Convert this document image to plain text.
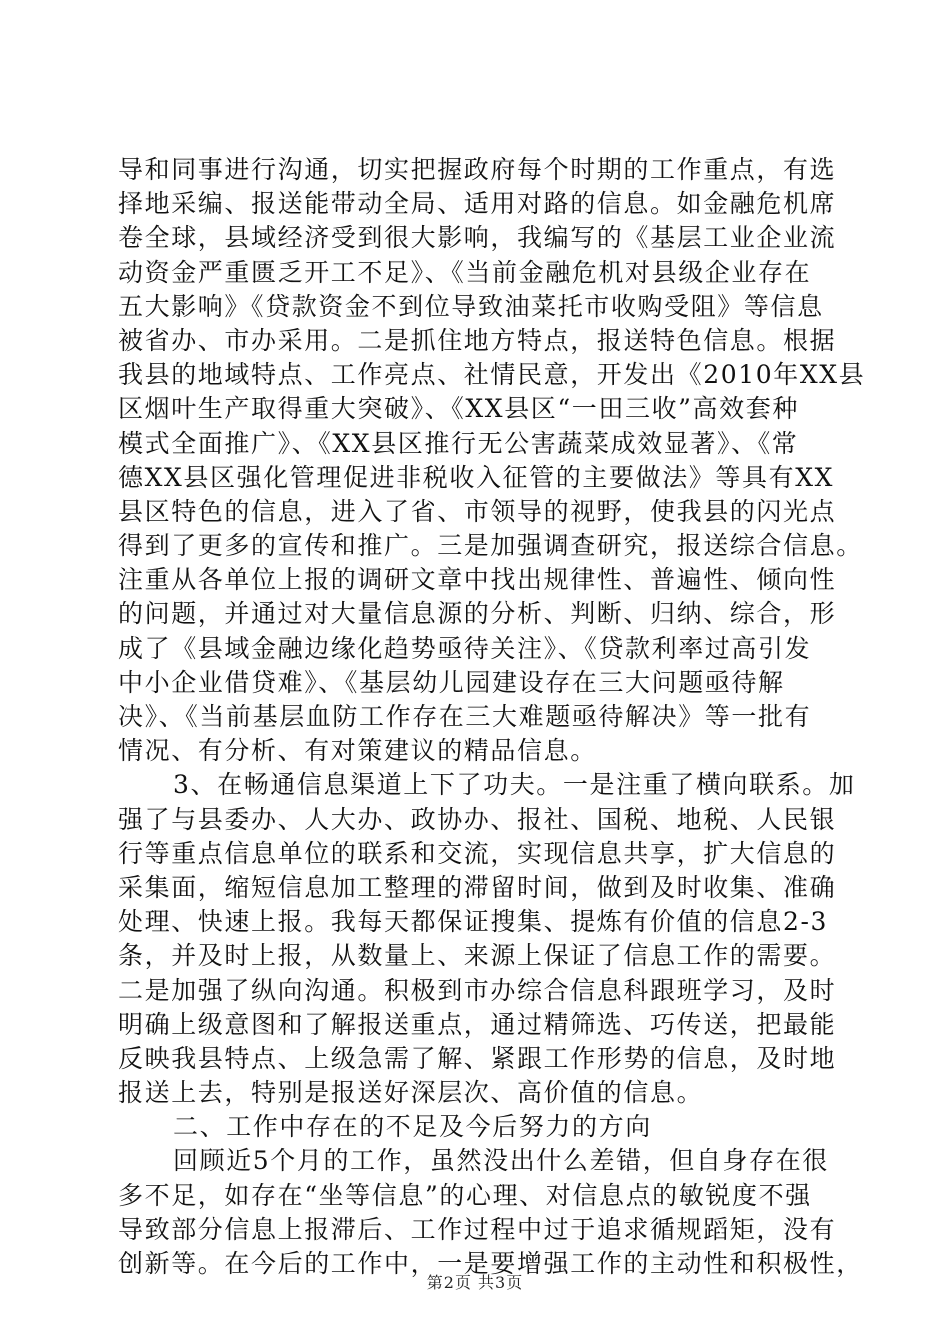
导和同事进行沟通，切实把握政府每个时期的工作重点，有选
择地采编、报送能带动全局、适用对路的信息。如金融危机席
卷全球，县域经济受到很大影响，我编写的《基层工业企业流
动资金严重匮乏开工不足》、《当前金融危机对县级企业存在
五大影响》《贷款资金不到位导致油菜托市收购受阻》等信息
被省办、市办采用。二是抓住地方特点，报送特色信息。根据
我县的地域特点、工作亮点、社情民意，开发出《2010年XX县
区烟叶生产取得重大突破》、《XX县区“一田三收”高效套种
模式全面推广》、《XX县区推行无公害蔬菜成效显著》、《常
德XX县区强化管理促进非税收入征管的主要做法》等具有XX
县区特色的信息，进入了省、市领导的视野，使我县的闪光点
得到了更多的宣传和推广。三是加强调查研究，报送综合信息。
注重从各单位上报的调研文章中找出规律性、普遍性、倾向性
的问题，并通过对大量信息源的分析、判断、归纳、综合，形
成了《县域金融边缘化趋势亟待关注》、《贷款利率过高引发
中小企业借贷难》、《基层幼儿园建设存在三大问题亟待解
决》、《当前基层血防工作存在三大难题亟待解决》等一批有
情况、有分析、有对策建议的精品信息。
3、在畅通信息渠道上下了功夫。一是注重了横向联系。加
强了与县委办、人大办、政协办、报社、国税、地税、人民银
行等重点信息单位的联系和交流，实现信息共享，扩大信息的
采集面，缩短信息加工整理的滞留时间，做到及时收集、准确
处理、快速上报。我每天都保证搜集、提炼有价值的信息2-3
条，并及时上报，从数量上、来源上保证了信息工作的需要。
二是加强了纵向沟通。积极到市办综合信息科跟班学习，及时
明确上级意图和了解报送重点，通过精筛选、巧传送，把最能
反映我县特点、上级急需了解、紧跟工作形势的信息，及时地
报送上去，特别是报送好深层次、高价值的信息。
二、工作中存在的不足及今后努力的方向
回顾近5个月的工作，虽然没出什么差错，但自身存在很
多不足，如存在“坐等信息”的心理、对信息点的敏锐度不强
导致部分信息上报滞后、工作过程中过于追求循规蹈矩，没有
创新等。在今后的工作中，一是要增强工作的主动性和积极性，
第2页 共3页
